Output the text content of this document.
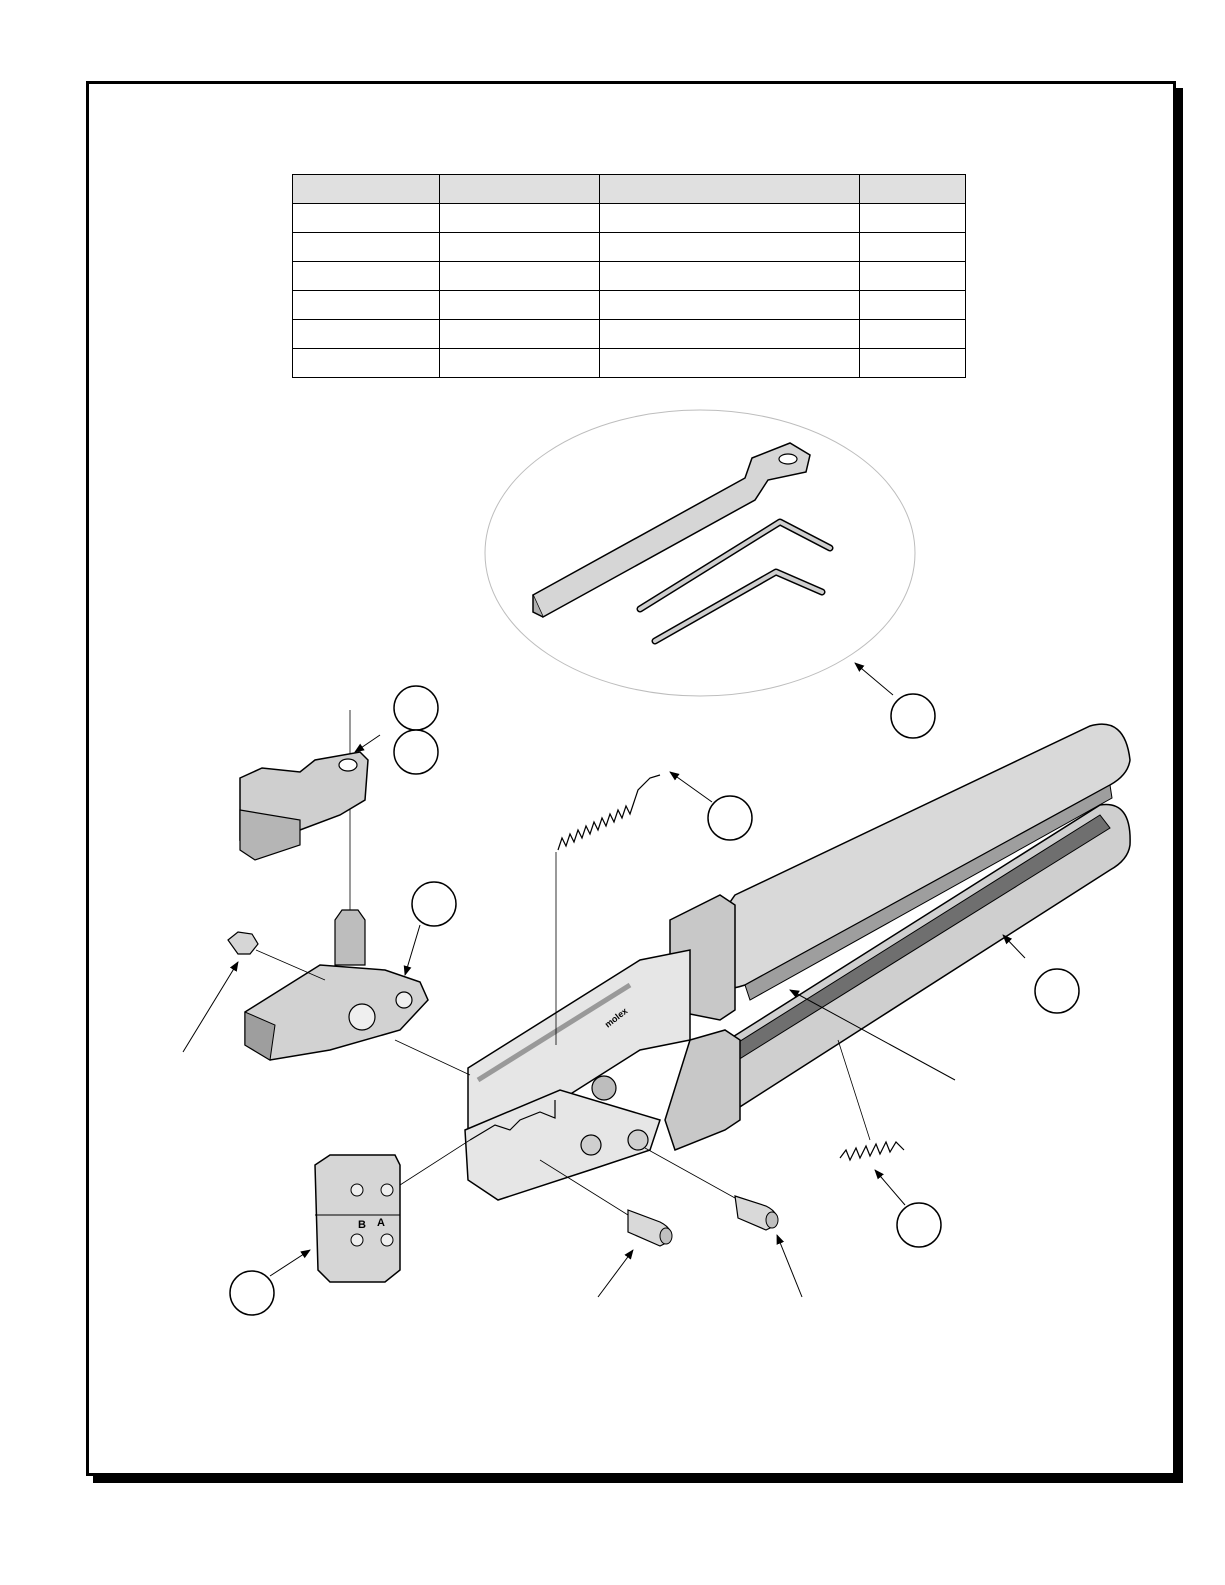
molex
B A
